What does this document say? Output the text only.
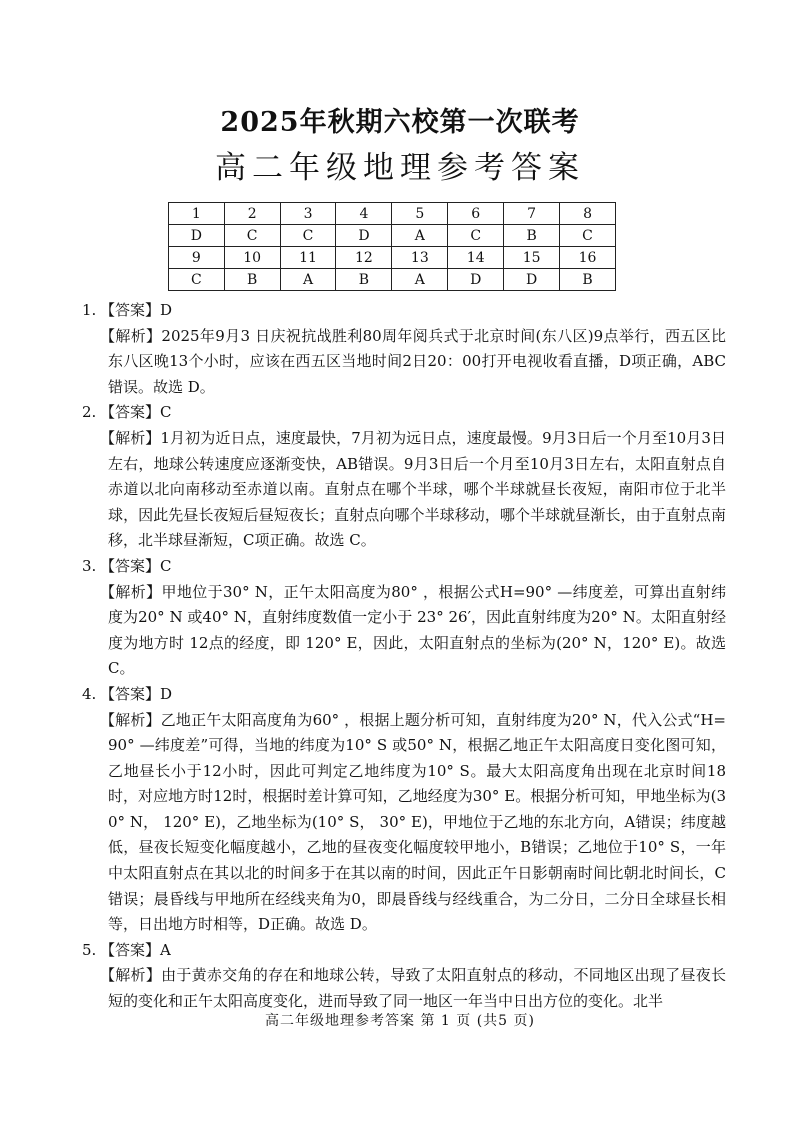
2025年秋期六校第一次联考
高二年级地理参考答案
1	2	3	4	5	6	7	8
D	C	C	D	A	C	B	C
9	10	11	12	13	14	15	16
C	B	A	B	A	D	D	B
1. 【答案】D
【解析】2025年9月3 日庆祝抗战胜利80周年阅兵式于北京时间(东八区)9点举行，西五区比东八区晚13个小时，应该在西五区当地时间2日20：00打开电视收看直播，D项正确，ABC 错误。故选 D。
2. 【答案】C
【解析】1月初为近日点，速度最快，7月初为远日点，速度最慢。9月3日后一个月至10月3日左右，地球公转速度应逐渐变快，AB错误。9月3日后一个月至10月3日左右，太阳直射点自赤道以北向南移动至赤道以南。直射点在哪个半球，哪个半球就昼长夜短，南阳市位于北半球，因此先昼长夜短后昼短夜长；直射点向哪个半球移动，哪个半球就昼渐长，由于直射点南移，北半球昼渐短，C项正确。故选 C。
3. 【答案】C
【解析】甲地位于30° N，正午太阳高度为80° ，根据公式H=90° —纬度差，可算出直射纬度为20° N 或40° N，直射纬度数值一定小于 23° 26′，因此直射纬度为20° N。太阳直射经度为地方时 12点的经度，即 120° E，因此，太阳直射点的坐标为(20° N，120° E)。故选 C。
4. 【答案】D
【解析】乙地正午太阳高度角为60° ，根据上题分析可知，直射纬度为20° N，代入公式“H=90° —纬度差”可得，当地的纬度为10° S 或50° N，根据乙地正午太阳高度日变化图可知，乙地昼长小于12小时，因此可判定乙地纬度为10° S。最大太阳高度角出现在北京时间18时，对应地方时12时，根据时差计算可知，乙地经度为30° E。根据分析可知，甲地坐标为(30° N， 120° E)，乙地坐标为(10° S， 30° E)，甲地位于乙地的东北方向，A错误；纬度越低，昼夜长短变化幅度越小，乙地的昼夜变化幅度较甲地小，B错误；乙地位于10° S，一年中太阳直射点在其以北的时间多于在其以南的时间，因此正午日影朝南时间比朝北时间长，C错误；晨昏线与甲地所在经线夹角为0，即晨昏线与经线重合，为二分日，二分日全球昼长相等，日出地方时相等，D正确。故选 D。
5. 【答案】A
【解析】由于黄赤交角的存在和地球公转，导致了太阳直射点的移动，不同地区出现了昼夜长短的变化和正午太阳高度变化，进而导致了同一地区一年当中日出方位的变化。北半
高二年级地理参考答案 第 1 页 (共5 页)
